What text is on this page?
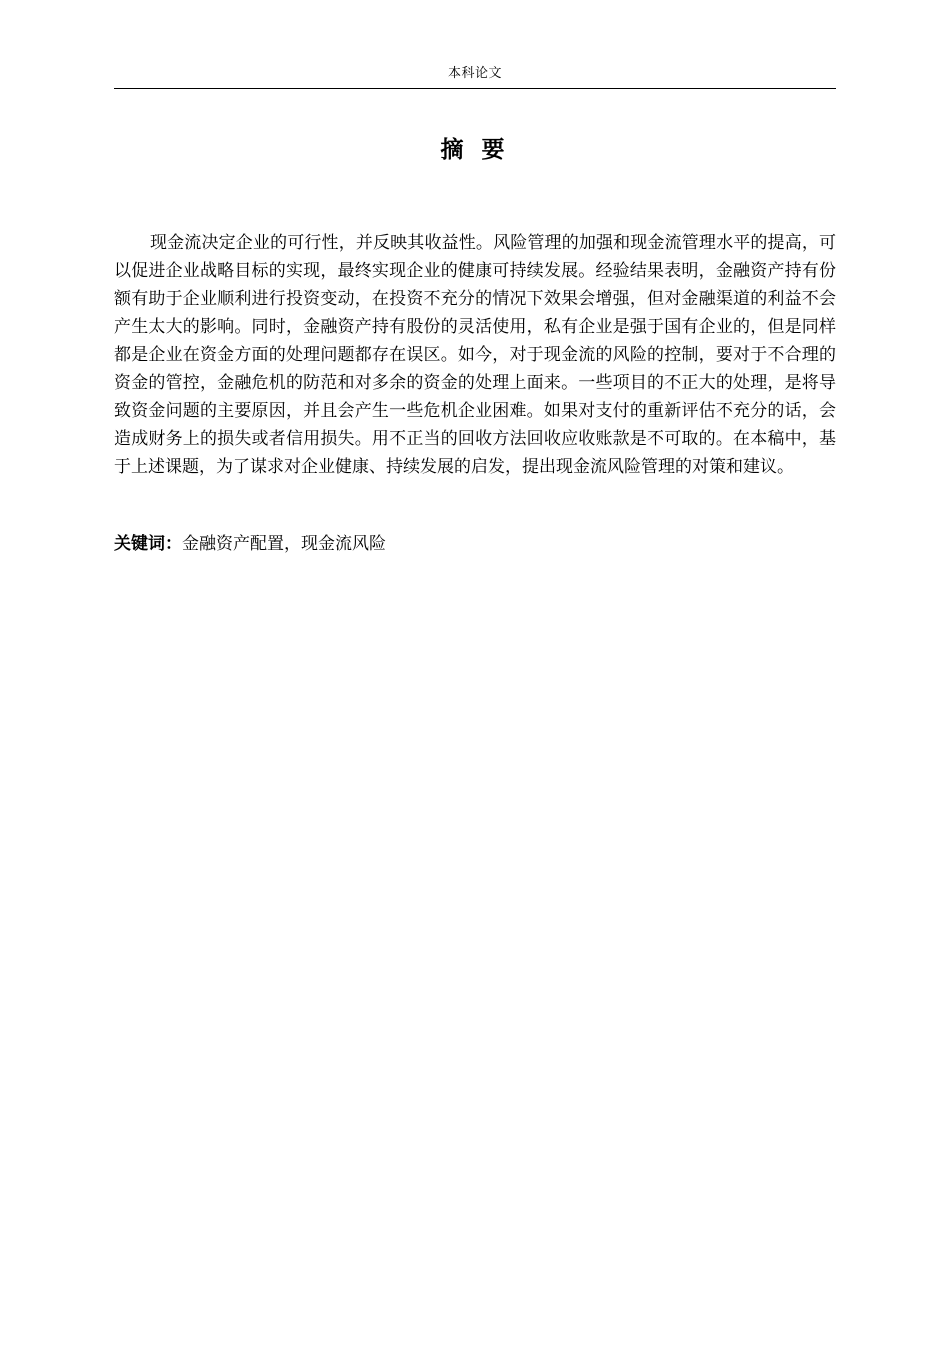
本科论文
摘 要

现金流决定企业的可行性，并反映其收益性。风险管理的加强和现金流管理水平的提高，可以促进企业战略目标的实现，最终实现企业的健康可持续发展。经验结果表明，金融资产持有份额有助于企业顺利进行投资变动，在投资不充分的情况下效果会增强，但对金融渠道的利益不会产生太大的影响。同时，金融资产持有股份的灵活使用，私有企业是强于国有企业的，但是同样都是企业在资金方面的处理问题都存在误区。如今，对于现金流的风险的控制，要对于不合理的资金的管控，金融危机的防范和对多余的资金的处理上面来。一些项目的不正大的处理，是将导致资金问题的主要原因，并且会产生一些危机企业困难。如果对支付的重新评估不充分的话，会造成财务上的损失或者信用损失。用不正当的回收方法回收应收账款是不可取的。在本稿中，基于上述课题，为了谋求对企业健康、持续发展的启发，提出现金流风险管理的对策和建议。

关键词：金融资产配置，现金流风险
